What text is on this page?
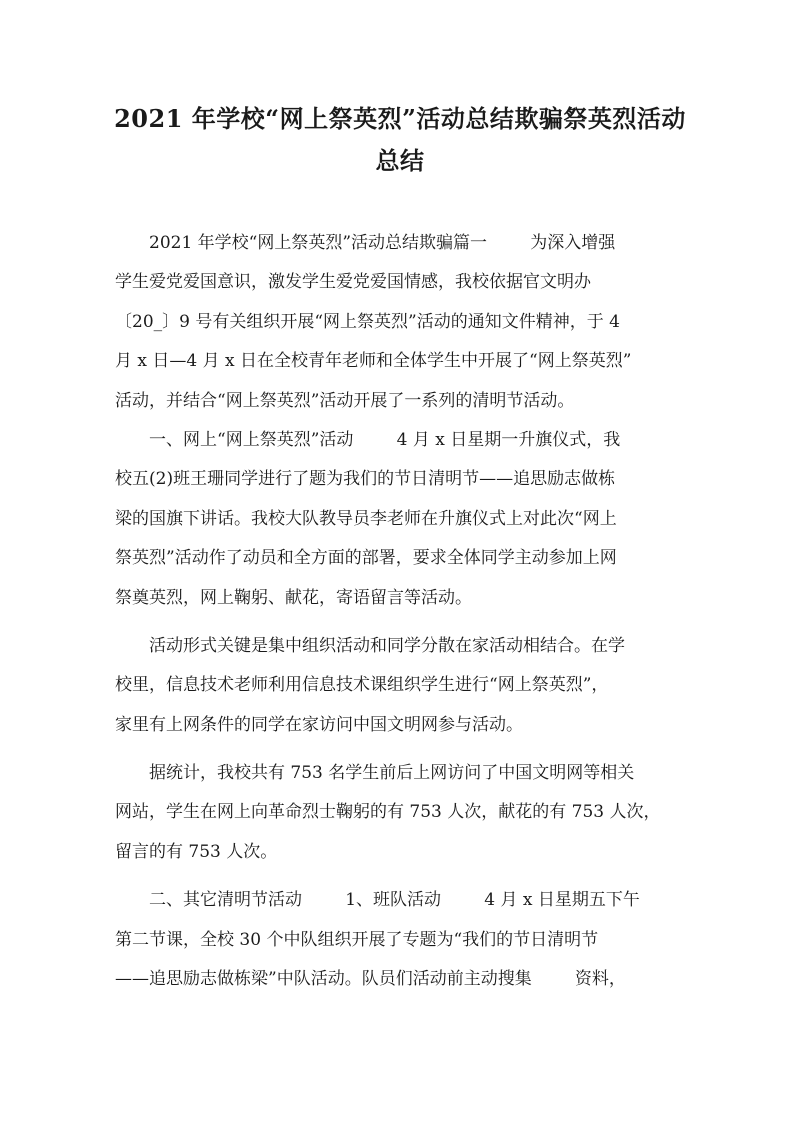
2021 年学校“网上祭英烈”活动总结欺骗祭英烈活动
总结
2021 年学校“网上祭英烈”活动总结欺骗篇一        为深入增强
学生爱党爱国意识，激发学生爱党爱国情感，我校依据官文明办
〔20_〕9 号有关组织开展“网上祭英烈”活动的通知文件精神，于 4
月 x 日—4 月 x 日在全校青年老师和全体学生中开展了“网上祭英烈”
活动，并结合“网上祭英烈”活动开展了一系列的清明节活动。
一、网上“网上祭英烈”活动        4 月 x 日星期一升旗仪式，我
校五(2)班王珊同学进行了题为我们的节日清明节——追思励志做栋
梁的国旗下讲话。我校大队教导员李老师在升旗仪式上对此次“网上
祭英烈”活动作了动员和全方面的部署，要求全体同学主动参加上网
祭奠英烈，网上鞠躬、献花，寄语留言等活动。
活动形式关键是集中组织活动和同学分散在家活动相结合。在学
校里，信息技术老师利用信息技术课组织学生进行“网上祭英烈”，
家里有上网条件的同学在家访问中国文明网参与活动。
据统计，我校共有 753 名学生前后上网访问了中国文明网等相关
网站，学生在网上向革命烈士鞠躬的有 753 人次，献花的有 753 人次，
留言的有 753 人次。
二、其它清明节活动        1、班队活动        4 月 x 日星期五下午
第二节课，全校 30 个中队组织开展了专题为“我们的节日清明节
——追思励志做栋梁”中队活动。队员们活动前主动搜集        资料，
